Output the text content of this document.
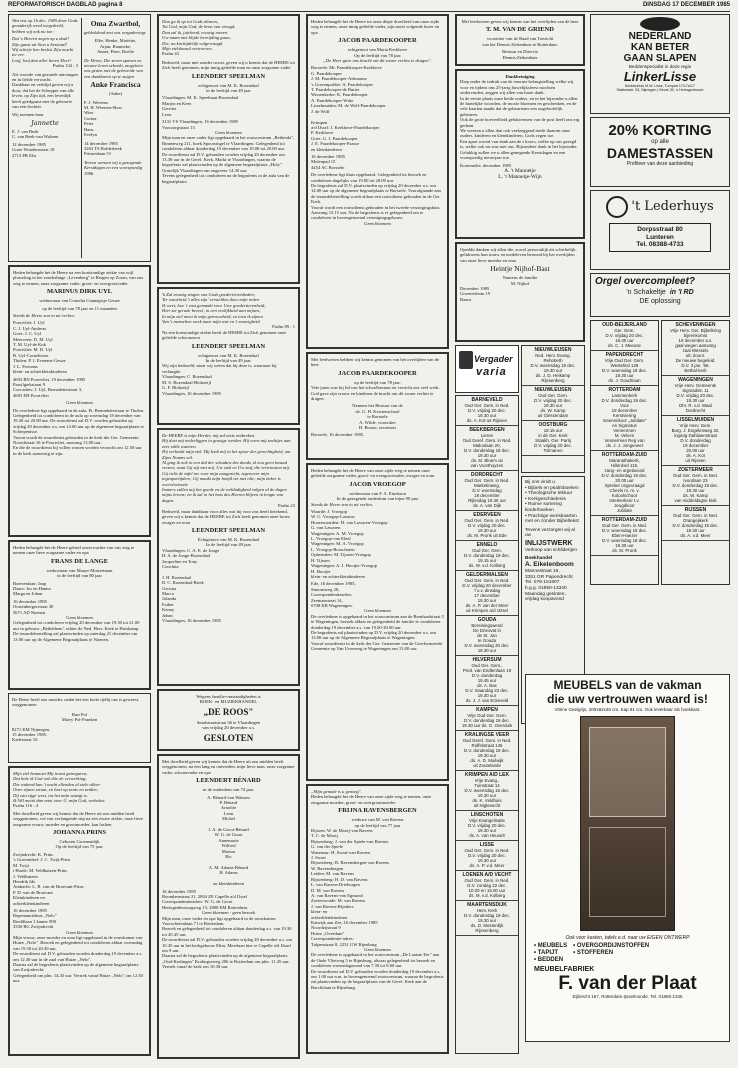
REFORMATORISCH DAGBLAD pagina 8	DINSDAG 17 DECEMBER 1985
Wat ons op 16 dec. 1985 door Gods genaderijk werd toegedeeld, hebben wij ook nu toe:
Dat 's Heeren zegen op u daal!
Zijn gunst uit Sion u bestraal!
Wij schrijv hen beslist Zijn macht ter eer.
Loof, loof dan aller heren Heer!
Psalm 134 : 3
Als woorde van gezonde ontvangen en in liefde verwacht.
Dankbaar en verblijd geven wij u door, dat het de Schepper van alle leven, op Zijn tijd, een levenlijk heeft goedgunst met de geboorte van een dochter.
Wij noemen haar
Jannette
E. J. van Beek
C. van Beek-van Walsem
12 december 1985
Grote Woudenstraat 18
2713 PR Elst
Oma Zwartbol,
gebkoldend met ons vergaderings
Elke, Henke, Mariëtte,
Arjan, Rianneke,
Annet, Peter, Roelie
De Heere, Die zeven spanen en nieuwe leven schenkt, mogeleen ons genen met de gebroeide van een dankbaren op te zuigen
Anke Francisca
(Anke)
F. J. Weerens
M. H. Weerens-Boss
Wim
Corina
Peter
Hans
Evelyn
14 december 1985
3263 TS Bolderbeek
Prinsenlaan 51
Tevens wensen wij u gezegende Kerstdagen en een voorspoedig 1986.
Heden behaagde het de Heere na een kortstondige ziekte van wijl plotseling in het zonderlinge „Levenberg" te Bergen op Zoom, van ons weg te nemen, onze zorgzame vader, groot- en overgrootvader
MARINUS DIRK UYL
weduwnaar van Cornelia Cunnegisje Geuze
op de leeftijd van 78 jaar en 11 maanden
Steeds de Heere zon in uit verlies.
Poortvliet: J. Uyl
C. J. Uyl-Andreas
Goes: J. C. Uyl
Meerveen: D. M. Uyl
T. M. Uyl-de Kok
Poortvliet: M. D. Uyl
B. Uyl-Cornelissen
Tholen: P. J. Evenans-Geuze
J. L. Evenans
klein- en achterkleinkinderen
4693 BN Poortvliet, 19 december 1985
Passilgiekstraat 9
Corr.adres: J. Uyl, Bernadettestraat 3,
4693 EH Poortvliet
Geen bloemen
De overledene ligt opgebaard in de aula, Pr. Bernadettestraat te Tholen.
Gelegenheid tot condoleren in de aula op woensdag 18 december van 19.30 tot 20.00 uur. De rouwdienst zal D.V. worden gehouden op vrijdag 20 december a.s. om 14.00 uur op de algemene begraafplaats te Scherpenisse.
Voorat wordt de rouwdienst gehouden in de kerk der Ger. Gemeente, Noordstraat 16 te Poortvliet, aanvang 13.00 uur.
En die de rouwdienst bij willen wonen worden verzocht om 12.50 uur in de kerk aanwezig te zijn.
Heden behaagde het de Heere geheel onverwachte van ons weg te nemen onze lieve zorgzame vader en opa
FRANS DE LANGE
weduwnaar van Maaye Mostertman
in de leeftijd van 80 jaar
Boerrenlaan: Jaap
Daars: Jos en Hanna
Marga en Johan
16 december 1985
Oostenbergerstraat 30
5671 AD Nuenen
Geen bloemen
Gelegenheid tot condoleren vrijdag 20 december van 19.30 tot 21.00 uur in gebouw „Bethlehem" achter de Ned. Herv. Kerk te Harskamp.
De teraardebestelling zal plaatsvinden op zaterdag 21 december om 13.00 uur op de Algemene Begraafplaats te Nuenen.
De Heere heeft ons moeder, nadat het een korte tijdlij ons is geweest, weggenomen
Bart Pol
Marry Pol-Franken
8271 KM Nijmegen,
15 december 1985,
Kadestraat 10.
Mijn ziel benauwt Mij troost getreguren;
Dat bale ik God ook dóe de verwerking;
Die wakend kan 't nacht ellenden al ziele alleer
Oner zijnen straat, en hart op zeniv en zeiden;
Dij van zijgé weet, tot het mijn wazigt is.
Ik Wil mettó dan mini voor U, mijn God, verhalen.
Psalm 116 : 4
Met droefheid geven wij kennis dat de Heere uit ons midden heeft weggenomen, vol van verlangende stip na een zware ziekte, onze lieve zorgzame vrouw, moeder en grootmoeder, kan lachen
JOHANNA PRINS
Geboren Groenendijk
Op de leeftijd van 75 jaar.
Zwijndrecht: K. Prins
's Gravendeel: J. C. Twijt-Prins
M. Twijt
t Harde: M. Veldhuizen-Prins
J. Veldhuizen
Hendrik Ido
Ambacht: L. R. van de Broecant-Prins
P. D. van de Broecant
Kleinkinderen en
achterkleinkinderen
16 december 1985
Repentantiehuis „Nelo"
Riedillaan 1 kamer 890
3330 RG Zwijndrecht
Geen bloemen
Mijn vrouw, onze moeder en oma ligt opgebaard in de rouwkamer van Huize „Nelo". Bezoek en gelegenheid tot condoleren aldaar woensdag van 19.30 tot 20.30 uur.
De rouwdienst zal D.V. gehouden worden donderdag 19 december a.s. om 12.30 uur in de zaal van Huize „Nelo".
Daarna zal de begrafenis plaatsvinden op de algemene begraafplaats van Zwijndrecht.
Gelegenheid om plm. 14.45 uur. Vertrek vanaf Huize „Nelo" om 12.30 uur.
Dan ga ik op tot Gods altaren,
Tot God, mijn God, de bron van vreugd;
Dan zal ik, juichend, eeuwig roeren
Uw naam met blijde bevrijding gaan,
Die, na korttijdelijk volgevraagd
Mijn zielskwaal vertroeven.
Psalm 43
Bedroefd, maar met zonder troost, geven wij u kennis dat de HEERE tot Zich heeft genomen, mijn innig geliefde man en onze zorgzame vader
LEENDERT SPEELMAN
echtgenoot van M. K. Rozendaal
in de leeftijd van 49 jaar
Vlaardingen: M. K. Speelman-Rozendaal
Marjon en Kees
Gerriter
Leon
3131 VS Vlaardingen, 16 december 1985
Voorzorgstraat 13
Geen bloemen
Mijn man en onze vader ligt opgebaard in het rouwcentrum „Bethesda", Binnenweg 211, hoek Spoorsingel te Vlaardingen. Gelegenheid tot condoleren aldaar donderdag 19 december van 19.00 tot 20.00 uur.
De rouwdienst zal D.V. gehouden worden vrijdag 20 december om 13.30 uur in de Geref. Kerk, Markt te Vlaardingen, waarna de begrafenis zal plaatsvinden op de algemene begraafplaats „Holy" Oostelijk Vlaardingen om ongeveer 14.30 uur.
Tevens gelegenheid tot condoleren na de begrafenis in de aula van de begraafplaats.
'k Zal eeuwig zingen van Gods goedertierenheden;
Ter waarheid 't alles zijn' verstelden door mijn reden
Ik weet, hoe 't vast gemaakt voor Uwe goedertierenheid,
Hier zie gerade beveel, in een vrolijkheid aan mijnen,
In mijn ziel moet ik mijn getrouwheid, en toen ik zijnen
Van 't menschen werk naar mijn wat en 't eeuwigheid.
Psalm 89 : 1
Na een kortstondige ziekte heeft de HEERE tot Zich genomen onze geliefde schoonzoon
LEENDERT SPEELMAN
echtgenoot van M. K. Rozendaal
In de leeftijd van 49 jaar.
Wij zijn bedroefd, maar wij weten dat hij deze is, waarnaar hij verlangde.
Vlaardingen: C. Rozendaal
M. S. Rozendaal-Blokzeijl
G. F. Blokzeijl
Vlaardingen, 16 december 1985
De HEERE is mijn Herder, mij zal niets ontbreken.
Hij doet mij nederliggen in grasige weiden. Hij voert mij zachtjes aan zeer stille wateren.
Hij verkwikt mijn ziel. Hij leidt mij in het spoor der gerechtigheid, om Zijns Naams wil.
Al ging ik ook in een dal der schaduw des doods, ik zou geen kwaad vrezen; want Gij zijt met mij. Uw stok en Uw staf, die vertroosten mij.
Gij richt de tafel toe voor mijn aangezicht, tegenover mijn tegenpartijders; Gij maakt mijn hoofd vet met olie; mijn beker is overvloeiende.
Immers zullen mij het goede en de weldadigheid volgen al de dagen mijns levens; en ik zal in het huis des Heeren blijven in lengte van dagen.
Psalm 23
Bedroefd, maar dankbaar voor alles wat hij voor ons heeft betekend, geven wij u kennis dat de HEERE tot Zich heeft genomen onze broer, zwager en oom
LEENDERT SPEELMAN
Echtgenoot van M. K. Rozendaal
In de leeftijd van 49 jaar
Vlaardingen: C. A. E. de Jonge
H. A. de Jonge-Rozendaal
Jacqueline en Tony
Conchita

J. H. Rozendaal
B. C. Rozendaal-Briek
Gerrina
Marco
Jolanda
Esther
Kenny
Johan
Vlaardingen, 16 december 1985
Wegens familie-omstandigheden is
BOEK- en MUZIEKHANDEL
„DE ROOS"
Smalstraatstraat 36 te Vlaardingen
van vrijdag 20 december a.s.
GESLOTEN
Met droefheid geven wij kennis dat de Heere uit ons midden heeft weggenomen, na een lang en ontvreden, mijn lieve man, onze zorgzame vader, schoonvader en opa
LEENDERT BÉNARD
in de ouderdom van 74 jaar.
A. Bénard-van Walsem
P. Bénard
Arnoltie
Leon
Michel

J. A. de Groot-Bénard
W. G. de Groot
Annemarie
Wilfred
Marion
Ric

A. M. Adams-Bénard
H. Adams

en kleinkinderen
16 december 1985
Boombenstraat 21, 2804 ZE Capelle a/d IJssel
Correspondentieadres: W. G. de Groot
Hertogenboszorgweg 13, 2808 EM Rotterdam.
Geen bloemen - geen bezoek
Mijn man, onze vader en opa ligt opgebaard in de rouwkamer, Voorschotenlaan 71 te Rotterdam.
Bezoek en gelegenheid tot condoleren aldaar donderdag a.s. van 19.30 tot 20.45 uur.
De rouwdienst zal D.V. gehouden worden vrijdag 20 december a.s. om 10.45 uur in het kerkgebouw Elim, Meerlaan hier te Capelle a/d IJssel om 9 uur.
Daarna zal de begrafenis plaatsvinden op de algemene begraafplaats „Oud-Kralingen" Kralingseweg 206 te Rotterdam om plm. 11.45 uur.
Vertrek vanaf de kerk om 10.30 uur.
Heden behaagde het de Heere tot onze diepe droefheid van onze zijde weg te nemen, onze innig geliefde vader, zijn nooit volgende broer en opa
JACOB PAARDEKOOPER
echtgenoot van Maria Kerkhove
Op de leeftijd van 78 jaar
„De Heer gave ons kracht om dit zware verlies te dragen".
Borssele: Mr. Paardekooper-Kerkhove
G. Paardekooper
J. M. Paardekooper-Adriaanse
's Gravenpolder: A. Paardekooper
T. Paardekooper-de Ruiter
Wissenkerke: K. Paardekooper
A. Paardekooper-Witte
Lisselmuiden: M. de Wolf-Paardekooper
J. de Wolf

Krimpen
a/d IJssel: J. Kerkhove-Paardekooper
P. Kerkhove
Goes: G. J. Paardekooper
J. E. Paardekooper-Faasse
en kleinkinderen
16 december 1985
Molenpad 15
4454 AC Borssele
De overledene ligt thuis opgebaard. Gelegenheid tot bezoek en condoleren dagelijks van 19.00 tot 20.00 uur.
De begrafenis zal D.V. plaatsvinden op vrijdag 20 december a.s. om 14.00 uur op de algemene begraafplaats te Borssele. Voorafgaande aan de teraardebestelling wordt aldaar een rouwdienst gehouden in de Ger. Kerk.
Vooraf wordt een rouwdienst gehouden in het tweede verzorgingshuis. Aanvang 13.15 uur. Na de begrafenis is er gelegenheid om te condoleren in bovengenoemd verenigingsgebouw.
Geen bloemen
Met leedwezen hebben wij kennis genomen van het overlijden van de heer
JACOB PAARDEKOOPER
op de leeftijd van 78 jaar.
Vele jaren was hij lid van het schoolbestuur en verricht ons veel werk.
God gave zijn vrouw en kinderen de kracht om dit zware verlies te dragen.
Namens het Bestuur van de
de. G. H. Kerstenschool
te Borssele
A. Wilde, voorzitter
H. Boone, secretaris
Borssele, 16 december 1985.
Heden behaagde het de Heere van onze zijde weg te nemen onze geliefde zorgzame vader, groot- en overgrootvader, zwager en oom
JACOB VROEGOP
weduwnaar van F. A. Eindsson
In de gezegende ouderdom van bijna 90 jaar
Steeds de Heere zon in uit verlies.
Waarde: J. Vroegop
W. G. Vroegop-Lazarus
Hoornwaarden: H. van Lawaren-Vroegop
G. van Lawaren
Wageningen: A. M. Vroegop
L. Vroegop-van Eleef
Wageningen: M. A. Vroegop
L. Vroegop-Bosscharen
Opheusden: M. Tijssen-Vroegop
H. Tijssen
Wageningen: A. J. Hooijer-Vroegop
H. Hooijer
klein- en achterkleinkinderen
Ede, 16 december 1985,
Simonsweg 20,
Correspondentieadres:
Zeemanstraat 14,
6708 KB Wageningen.
Geen bloemen
De overledene is opgebaard in het rouwcentrum aan de Bernhardstraat 5 te Wageningen, bezoek aldaar en gelegenheid de familie te condoleren donderdag 19 december a.s. van 19.00-20.00 uur.
De begrafenis zal plaatsvinden op D.V. vrijdag 20 december a.s. om 13.00 uur op de Algemene Begraafplaats te Wageningen.
Vooraf rouwdienst in de kerk der Ger. Gemeente van de Gereformeerde Gemeente op Van Uvenweg te Wageningen om 13.00 uur.
„Mijn genade is u genoeg".
Heden behaagde het de Heere van onze zijde weg te nemen, onze zorgzame moeder, groot- en overgrootmoeder
FRIJNA RAVENSBERGEN
weduwe van M. van Ravens
op de leeftijd van 77 jaar
Rijssen: W. de Mooij-van Ravens
T. C. de Mooij
Rijssenberg: J. van der Spiele-van Ravens
G. van der Spiele
Wasenaar: H. Swart-van Ravens
J. Swart
Rijssenberg: B. Ravensbergen-van Ravens
W. Ravensbergen
Leiden: M. van Ravens
Rijssenberg: H. D. van Ravens
L. van Ravens-Drieborgen
D. M. van Ravens
A. van Ravens-van Egmond
Zoeterwoude: M. van Ravens
J. van Ravens-Rijnders
klein- en
achterkleinkinderen
Katwijk aan Zee, 16 december 1985
Noordzijstraat 9
Huize „Overduin"
Correspondentie-adres:
Tulpenstraat 8, 2231 GW Rijnsburg
Geen bloemen
De overledene is opgebaard in het rouwcentrum „De Laatste Eer" aan de Oude Vlietweg 5 te Rijnsburg, alwaar gelegenheid tot bezoek en condoleren woensdagavond van 7.30 tot 8.00 uur.
De rouwdienst zal D.V. gehouden worden donderdag 19 december a.s. om 1.00 uur n.m. in bovengenoemd rouwcentrum, waarna de begrafenis zal plaatsvinden op de begraafplaats van de Geref. Kerk aan de Burchtlaan te Rijnsburg.
Met leedwezen geven wij kennis van het overlijden van de heer
T. M. VAN DE GRIEND
voorzitter van de Raad van Toezicht
van het Dennis-Ziekenhuis te Rotterdam.
Bestuur en Directie
Dennis-Ziekenhuis
Dankbetuiging
Diep onder de indruk van de enorme belangstelling welke wij voor en tijdens ons 25-jarig huwelijksfeest mochten ondervinden, zeggen wij allen van harte dank.
In de eerste plaats onze beide ouders, en in het bijzonder u allen de hartelijke woorden, de mooie bloemen en geschenken, en de vele kaarten maakt dat de gebeurtenis een ongeloofelijk gebeuren.
Ook de grote hoeveelheid gelukwensen van de post heeft ons erg gedaan.
We wensen u allen dan ook veelzeggend mede daarom onze ouders, kinderen en kleinkinderen, Gods zegen toe.
Een apart woord van dank aan de s koors, welke op ons gezegd is, welke ook nu was met ons. Bijzondere dank in het bijzonder.
Gelukkig zullen we u allen genegende Kerstdagen en een voorspoedig nieuwjaar toe.
Kortemelte, december 1985
A. 't Mannetje
L. 't Mannetje-Wijn
Opeddit danken wij allen die, zowel persoonlijk als schriftelijk, gelukwens hun trouw en medeleven betoond bij het overlijden van onze lieve moeder en oma
Heintje Nijhof-Bast
Namens de familie
M. Nijhof
December 1985
Groenterbom 19
Baarn
Vergader
varia
BARNEVELD
Oud Ger. Gem. in Ned.
D.V. vrijdag 20 dec.
19.30 uur
ds. A. Kot uit Rijssen
BEEKBERGEN
Lieren
Oud Geref. Gem. in Ned.
Maloolaan 20,
D.V. donderdag 19 dec.
19.30 uur
ds. M. Bloem uit
van Voorthuyzen
DORDRECHT
Oud Ger. Gem. in Ned.
Marketinweg,
D.V. woensdag
18 december
Rijlesdag 19.30 uur
ds. A. van Dijk
EDERVEEN
Oud Ger. Gem. in Ned.
D.V. vrijdag 20 dec.
19.30 uur
ds. M. Pronk uit Ede
ENNELO
Oud Ger. Gem.
D.V. donderdag 19 dec.
19.15 uur
ds. W. v.d. Kolberg
GELDERMALSEN
Oud Ger. Gem. in Ned.
D.V. vrijdag 20 december
'l o.v. dinsdag
17 december
19.30 uur
ds. A. P. van der Meer
uit Krimpen a/d IJssel
GOUDA
Bereiningswend
De Drieovat in
de St. Jan
te Gouda
D.V. woensdag 20 dec.
19.30 uur
HILVERSUM
Oud Ger. Gem.,
Pred. van Endtenlaan 19
D.V. donderdag
19.45 uur
ds. A. Bax
D.V. maandag 23 dec.
19.30 uur
ds. J. J. van Eckeveld
KAMPEN
Vrije Oud Ger. Gem.
D.V. donderdag 19 dec.
19.30 uur ds. G. Overduik
KRALINGSE VEER
Oud Geref. Gem. in Ned.
Ruffelstraat 145
D.V. donderdag 19 dec.
19.30 uur
ds. A. D. Muilwijk
uit Zoutelande
KRIMPEN A/D LEK
Vrije Evang.,
Tuinstraat 14
D.V. woensdag 18 dec.
19.30 uur
ds. K. Veldhuis
uit Nigtevecht
LINSCHOTEN
Vrije Evangelisatie
D.V. vrijdag 20 dec.
19.30 uur
ds. A. van Heuvelt
LISSE
Oud Ger. Gem. in Ned.
D.V. vrijdag 20 dec.
19.30 uur
ds. A. P. v.d. Meer
LOENEN A/D VECHT
Oud Ger. Gem. in Ned.
D.V. zondag 22 dec.
10.00 en 15.00 uur
ds. M. v.d. Kolberg
MAARTENSDIJK
Herv. Kerk
D.V. donderdag 19 dec.
19.30 uur
ds. D. Mosterdijk
Rijssenberg
NIEUWLEUSEN
Ned. Herv. Evang.
Rehobeth
D.V. woensdag 18 dec.
19.30 uur
ds. J. D. Heikamp
Rijssenberg
NIEUWLEUSEN
Oud Ger. Gem.
D.V. vrijdag 20 dec.
19.30 uur
ds. W. Kamp
uit Giessendam
OOSTBURG
18.15 uur
in de Ger. Kerk
Staakh. Ger. Partij
D.V. vrijdag 20 dec.
Tolmanen
Bij ons vindt u
• Bijbels en psalmboeken
• Theologische lektuur
• Kerkgeschiedenis
• Ruime sortering kinderboeken
• Prachtige wenskaarten met en zonder Bijbeltekst
Tevens verzorgen wij al uw
INLIJSTWERK
Verkoop van schilderijen
Boekhandel
A. Eikelenboom
Mannestraat 16,
3351 GR Papendrecht
Tel. 078-151907
b.g.g. 01850-13340
Maandag gesloten, vrijdag koopavond
NEDERLAND
KAN BETER
GAAN SLAPEN
Beddenspecialist in deze regio
LinkerLisse
Beddenhuis M.W. Lisse, Turnpad 17/17a/17
Stationsstr. 53, Nijmegen | Beurs 30, 's Hertogenbosch
20% KORTING
op alle
DAMESTASSEN
Profiteer van deze aanbieding
't Lederhuys
Dorpsstraat 80
Lunteren
Tel. 08388-4733
Orgel overcompleet?
'n Schakeltje in 'I RD
DE oplossing
OUD-BEIJERLAND
Ger. Gem.
D.V. vrijdag 20 dec.
19.30 uur
ds. C. J. Meeuse
PAPENDRECHT
Vrije Oud Ger. Gem.
Westelind 128
D.V. woensdag 18 dec.
19.30 uur
ds. J. Goudriaan
ROTTERDAM
Lammenkerk
D.V. donderdag 19 dec.
Voor
18 december
Kerstviering
mannenkoor „Jubilate"
en Sigmatus
Vennermen
M. Velcen
Vennermen Reg van
ds. J. J. Jongeneel
ROTTERDAM-ZUID
Maranathakerk,
Hillerdsel 115,
zang- en orgelavond
D.V. donderdag 19 dec.
20.00 uur
Spreker ongevraagd
Cheels m. m. v.
Koloolschoor
Interkerkenr t.v.
Jeugdkoor
Jubilate
ROTTERDAM-ZUID
Oud Ger. Gem. in Ned.
D.V. woensdag 18 dec.
Eben-Haezer
D.V. woensdag 18 dec.
19.30 uur
ds. M. Pronk
SCHEVENINGEN
Vrije Herv. Ger. Bijbelkring bijeenkomst
19 december a.s.
gaal wegen aanvang
zaal Wessels
uit; dooor.
De nieuwe begeleid.
D.V. 3 jan. '86.
Bethal-kerk
WAGENINGEN
Vrije Herv. Gemeente
Sigmadstr. 11
D.V. vrijdag 20 dec.
19.30 uur
Dhr. R. v.d. Waal
Dordrecht
LISSELMUIDEN
Vrije Herv. Gem.
Burg. J. Engelenweg 32,
ingang Dahliaenstraat
D.V. donderdag
19 december
20.00 uur
ds. A. Kot
uit Rijssen
ZOETERMEER
Oud Ger. Gem. in Ned.
Ivoorlaan 23
D.V. donderdag 19 dec.
19.30 uur
ds. W. Kamp
van middeldagse klok
RIJSSEN
Oud Ger. Gem. in Ned.
Orangejikerk
D.V. donderdag 19 dec.
19.30 uur
ds. A. v.d. Meer
MEUBELS van de vakman
die uw vertrouwen waard is!
Vitrine Geelgrijs, 200x82x45 cm. Kap 91 cm. Ook leverbaar als hoekkast.
Ook voor kasten, tafels e.d. naar uw EIGEN ONTWERP
• MEUBELS
• TAPIJT
• BEDDEN
• OVERGORDIJNSTOFFEN
• STOFFEREN
MEUBELFABRIEK
F. van der Plaat
Eijbrecht 167, Rotterdam-Ijsselmonde. Tel. 01855-1345
